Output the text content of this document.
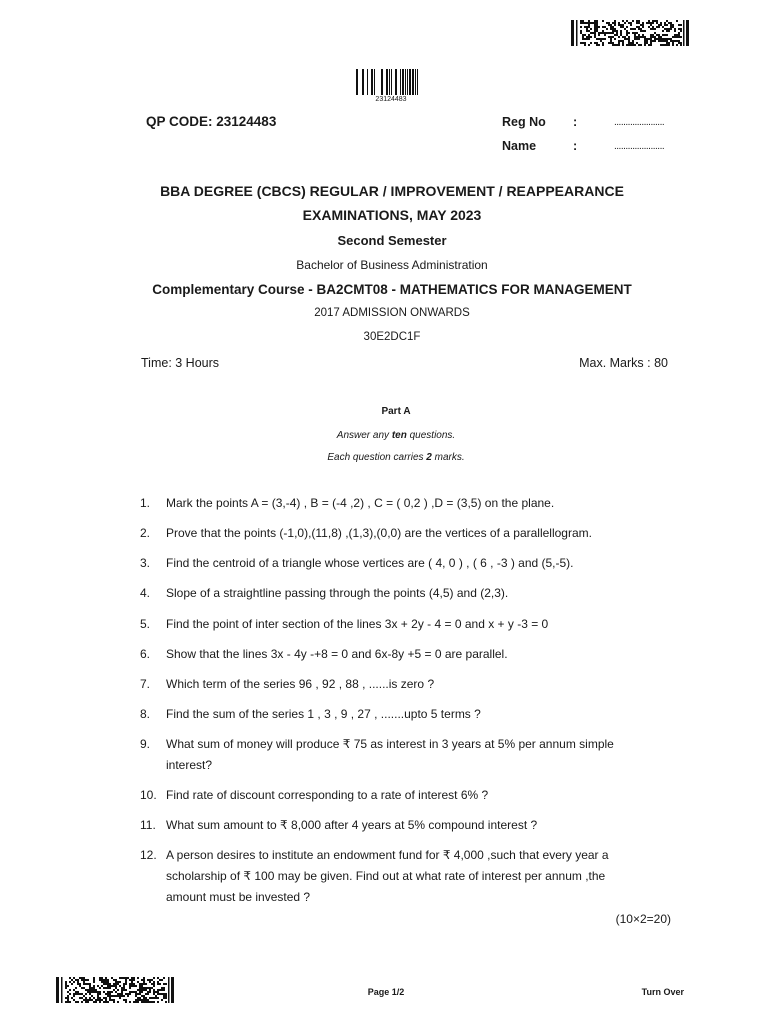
23124483
QP CODE: 23124483	Reg No :	......................
Name	:	......................
BBA DEGREE (CBCS) REGULAR / IMPROVEMENT / REAPPEARANCE
EXAMINATIONS, MAY 2023
Second Semester
Bachelor of Business Administration
Complementary Course - BA2CMT08 - MATHEMATICS FOR MANAGEMENT
2017 ADMISSION ONWARDS
30E2DC1F
Time: 3 Hours	Max. Marks : 80
Part A
Answer any ten questions.
Each question carries 2 marks.
1. Mark the points A = (3,-4) , B = (-4 ,2) , C = ( 0,2 ) ,D = (3,5) on the plane.
2. Prove that the points (-1,0),(11,8) ,(1,3),(0,0) are the vertices of a parallellogram.
3. Find the centroid of a triangle whose vertices are ( 4, 0 ) , ( 6 , -3 ) and (5,-5).
4. Slope of a straightline passing through the points (4,5) and (2,3).
5. Find the point of inter section of the lines 3x + 2y - 4 = 0 and x + y -3 = 0
6. Show that the lines 3x - 4y -+8 = 0 and 6x-8y +5 = 0 are parallel.
7. Which term of the series 96 , 92 , 88 , ......is zero ?
8. Find the sum of the series 1 , 3 , 9 , 27 , .......upto 5 terms ?
9. What sum of money will produce ₹ 75 as interest in 3 years at 5% per annum simple interest?
10. Find rate of discount corresponding to a rate of interest 6% ?
11. What sum amount to ₹ 8,000 after 4 years at 5% compound interest ?
12. A person desires to institute an endowment fund for ₹ 4,000 ,such that every year a scholarship of ₹ 100 may be given. Find out at what rate of interest per annum ,the amount must be invested ?
(10×2=20)
Page 1/2	Turn Over
